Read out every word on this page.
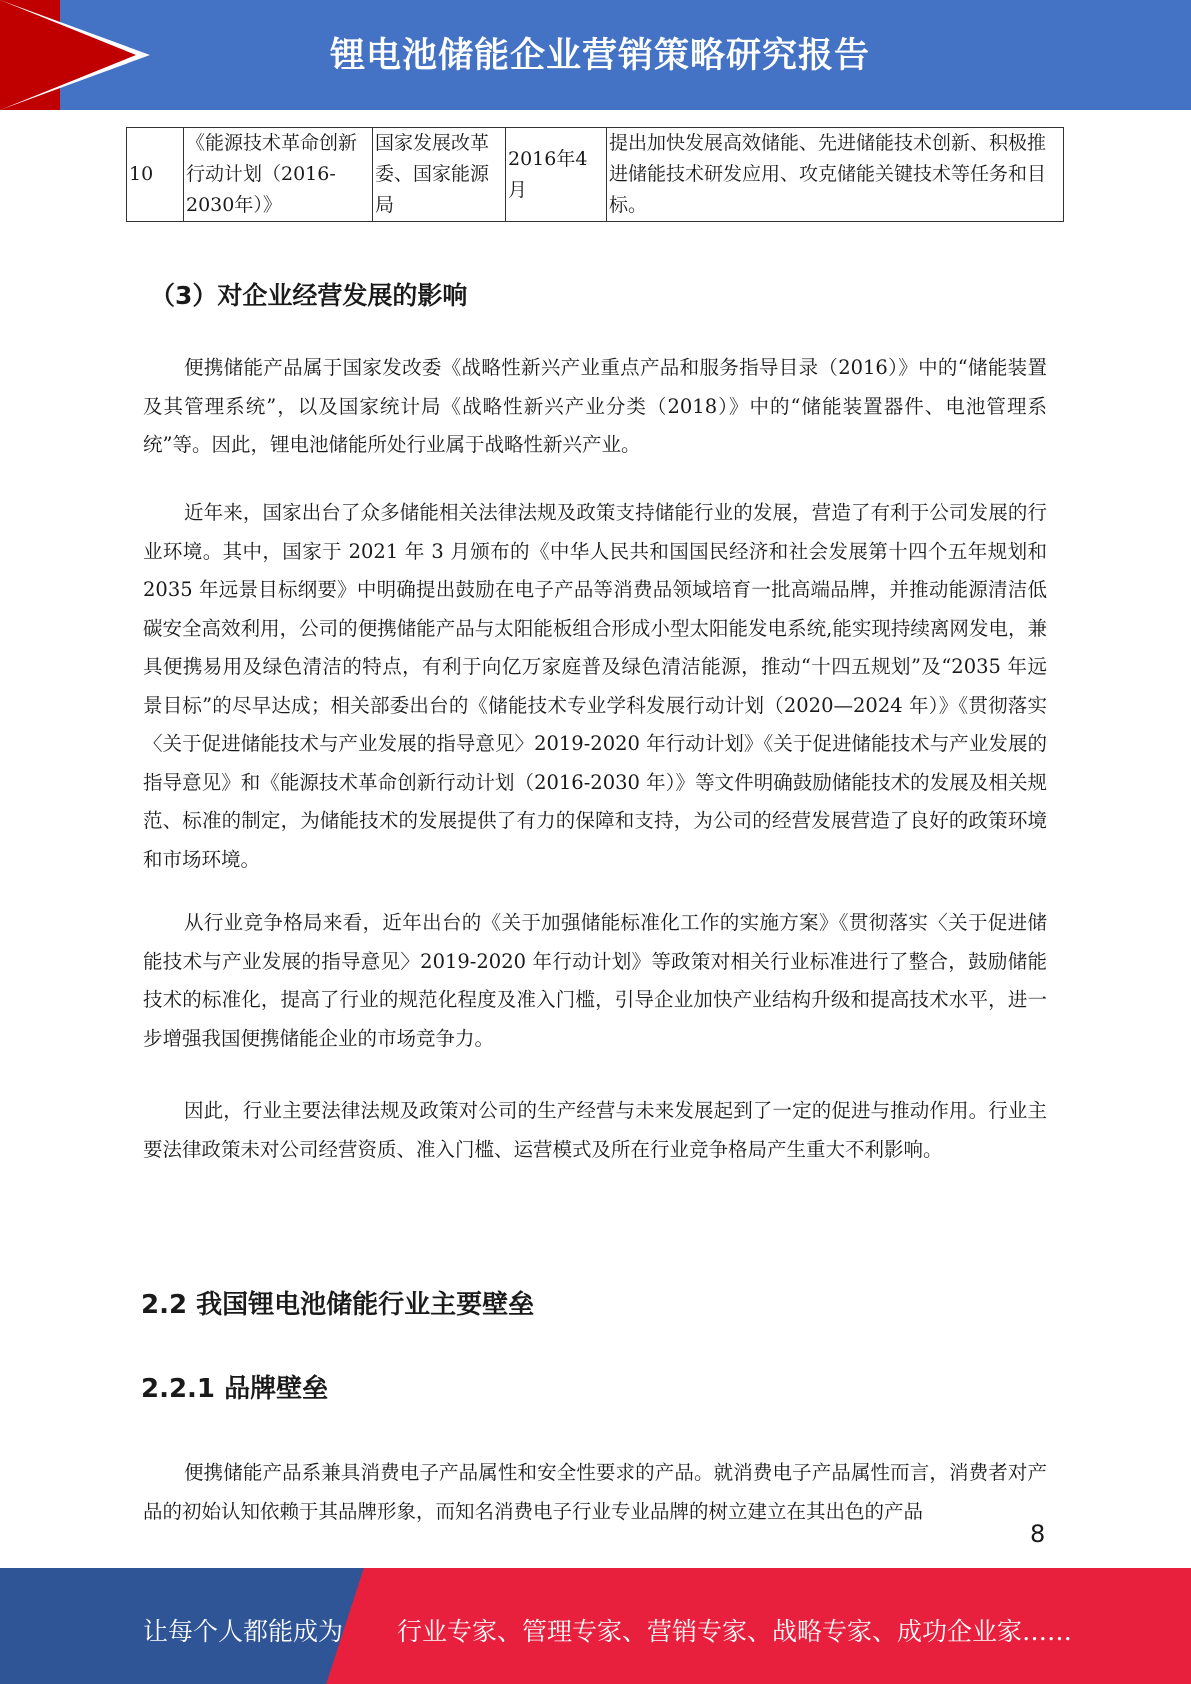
锂电池储能企业营销策略研究报告
10	《能源技术革命创新行动计划（2016-2030年）》	国家发展改革委、国家能源局	2016年4月	提出加快发展高效储能、先进储能技术创新、积极推进储能技术研发应用、攻克储能关键技术等任务和目标。
（3）对企业经营发展的影响

便携储能产品属于国家发改委《战略性新兴产业重点产品和服务指导目录（2016）》中的“储能装置及其管理系统”，以及国家统计局《战略性新兴产业分类（2018）》中的“储能装置器件、电池管理系统”等。因此，锂电池储能所处行业属于战略性新兴产业。

近年来，国家出台了众多储能相关法律法规及政策支持储能行业的发展，营造了有利于公司发展的行业环境。其中，国家于 2021 年 3 月颁布的《中华人民共和国国民经济和社会发展第十四个五年规划和 2035 年远景目标纲要》中明确提出鼓励在电子产品等消费品领域培育一批高端品牌，并推动能源清洁低碳安全高效利用，公司的便携储能产品与太阳能板组合形成小型太阳能发电系统,能实现持续离网发电，兼具便携易用及绿色清洁的特点，有利于向亿万家庭普及绿色清洁能源，推动“十四五规划”及“2035 年远景目标”的尽早达成；相关部委出台的《储能技术专业学科发展行动计划（2020—2024 年）》《贯彻落实〈关于促进储能技术与产业发展的指导意见〉2019-2020 年行动计划》《关于促进储能技术与产业发展的指导意见》和《能源技术革命创新行动计划（2016-2030 年）》等文件明确鼓励储能技术的发展及相关规范、标准的制定，为储能技术的发展提供了有力的保障和支持，为公司的经营发展营造了良好的政策环境和市场环境。

从行业竞争格局来看，近年出台的《关于加强储能标准化工作的实施方案》《贯彻落实〈关于促进储能技术与产业发展的指导意见〉2019-2020 年行动计划》等政策对相关行业标准进行了整合，鼓励储能技术的标准化，提高了行业的规范化程度及准入门槛，引导企业加快产业结构升级和提高技术水平，进一步增强我国便携储能企业的市场竞争力。

因此，行业主要法律法规及政策对公司的生产经营与未来发展起到了一定的促进与推动作用。行业主要法律政策未对公司经营资质、准入门槛、运营模式及所在行业竞争格局产生重大不利影响。

2.2 我国锂电池储能行业主要壁垒
2.2.1 品牌壁垒

便携储能产品系兼具消费电子产品属性和安全性要求的产品。就消费电子产品属性而言，消费者对产品的初始认知依赖于其品牌形象，而知名消费电子行业专业品牌的树立建立在其出色的产品

8
让每个人都能成为 行业专家、管理专家、营销专家、战略专家、成功企业家……
